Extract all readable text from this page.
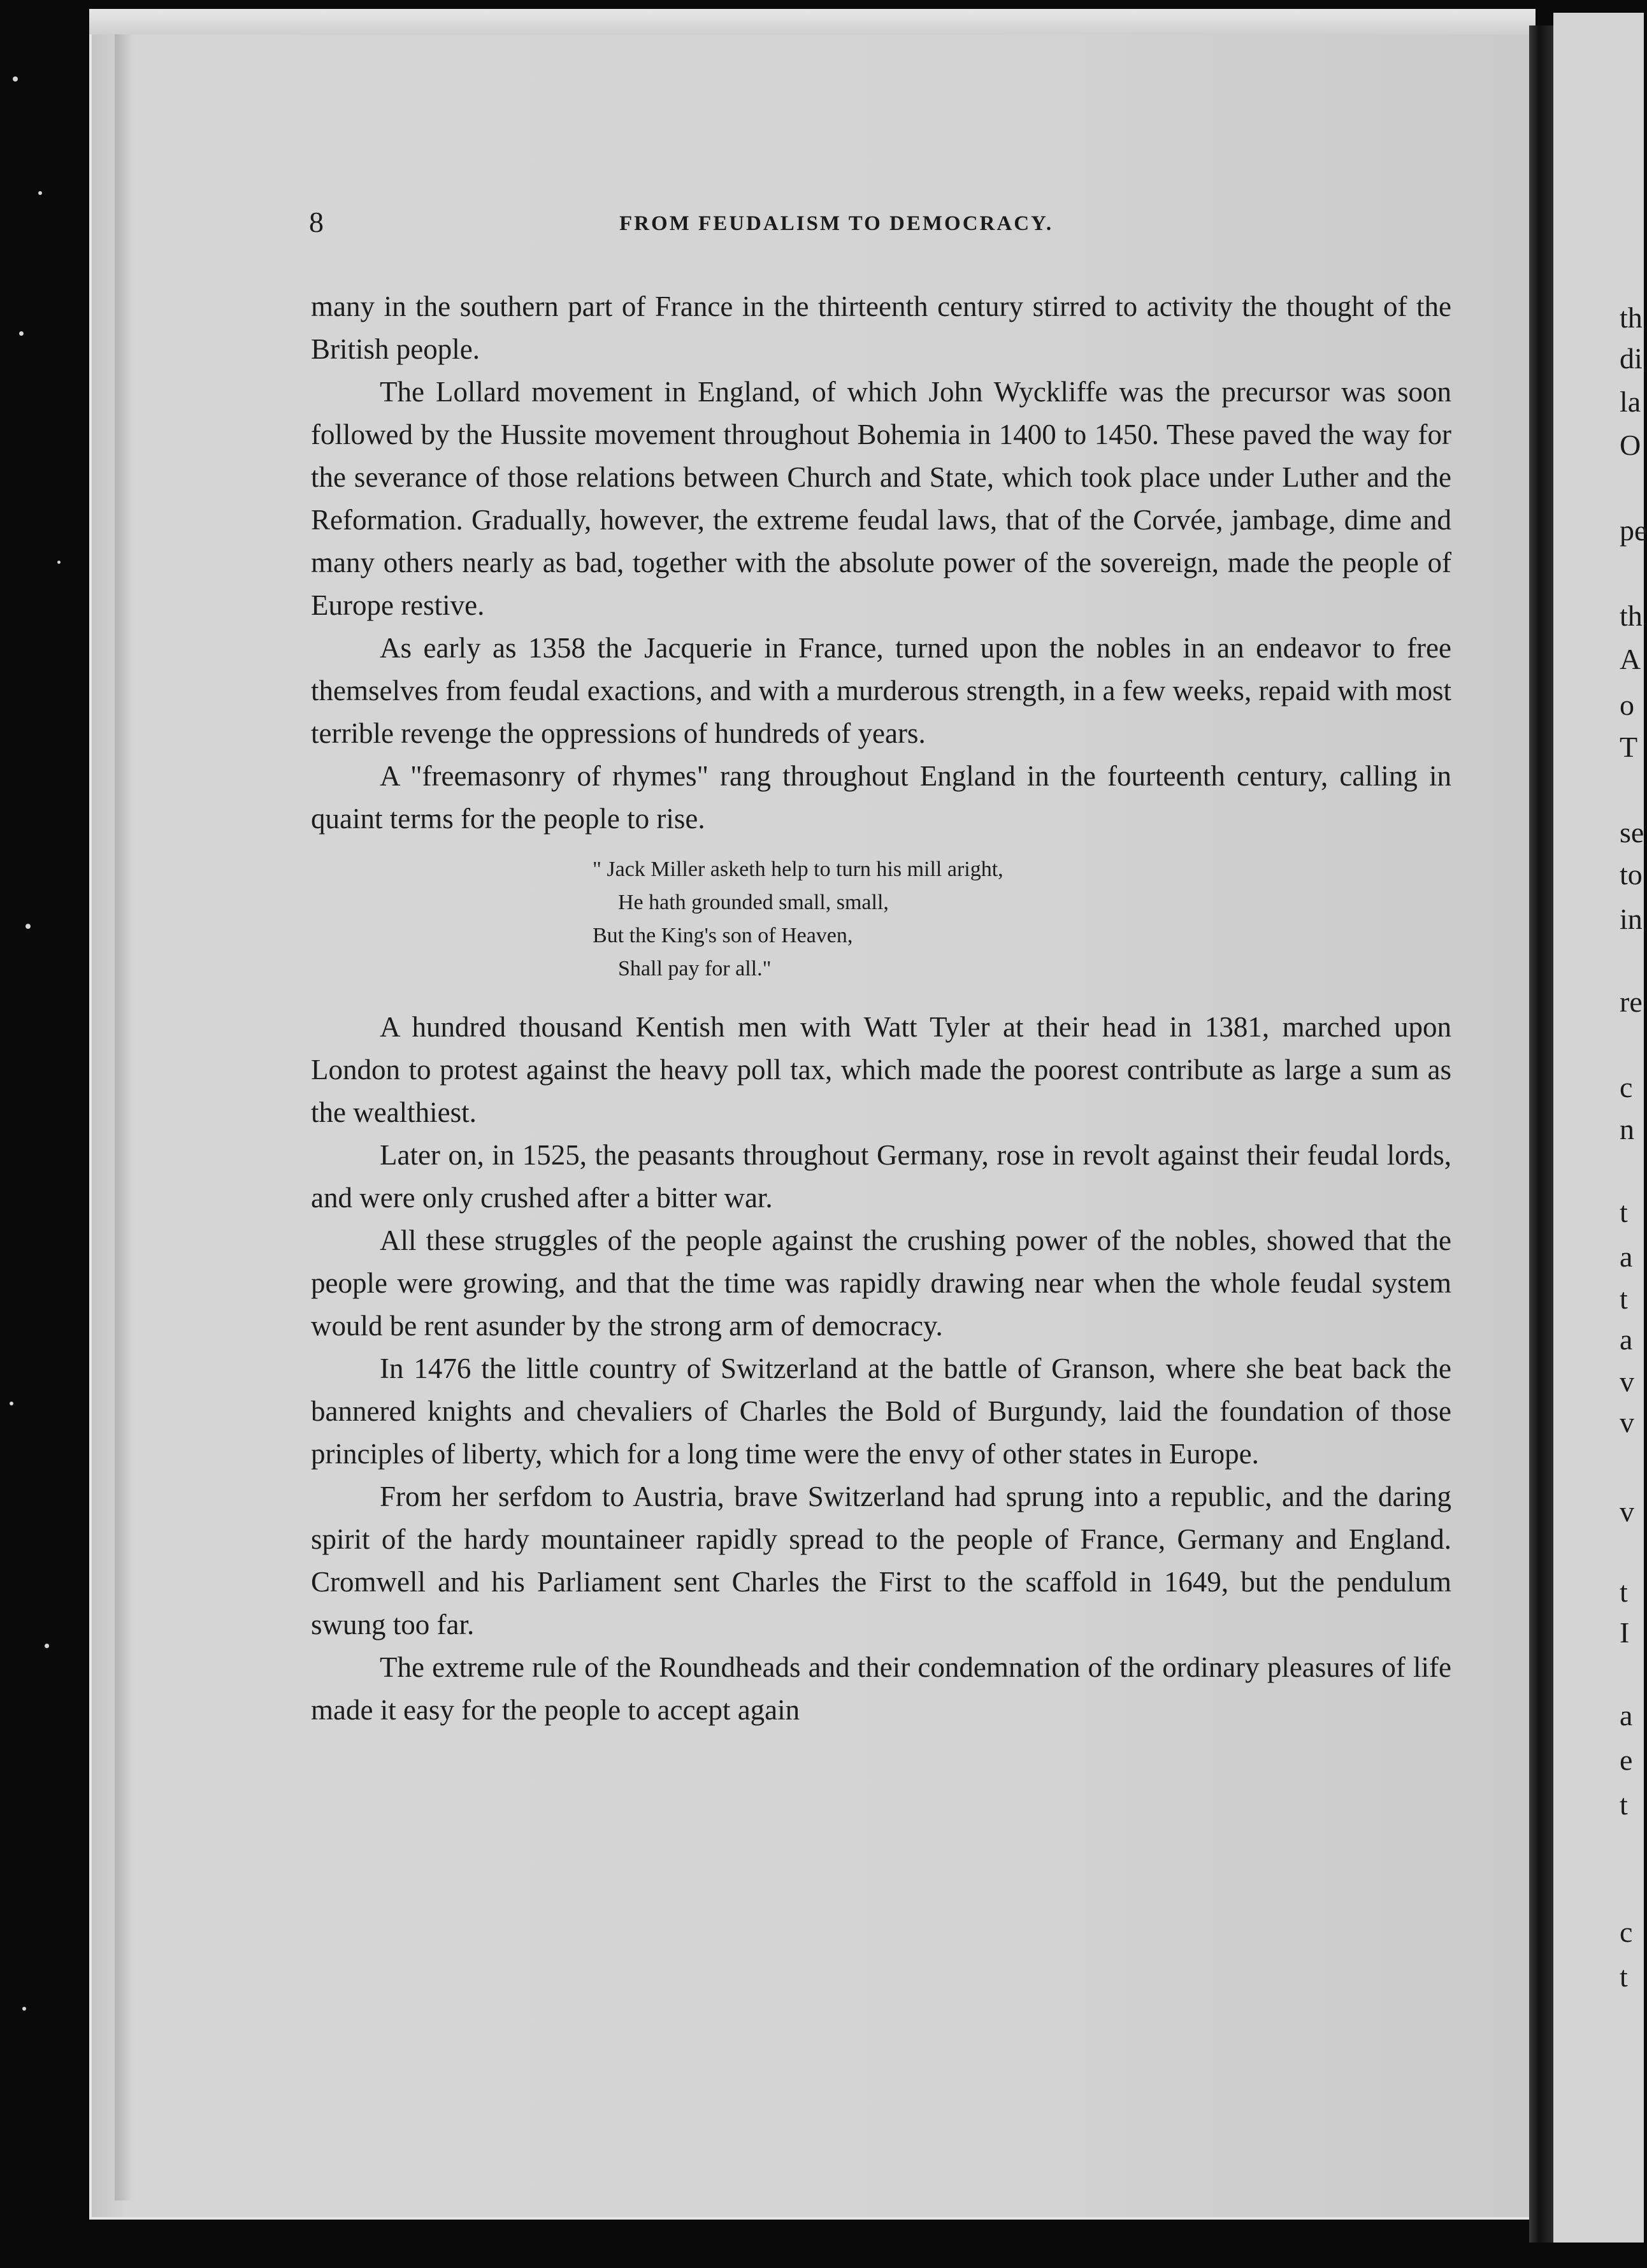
th
di
la
O
pe
th
A
o
T
se
to
in
re
c
n
t
a
t
a
v
v
v
t
I
a
e
t
c
t
8	FROM FEUDALISM TO DEMOCRACY.

many in the southern part of France in the thirteenth century stirred to activity the thought of the British people.

The Lollard movement in England, of which John Wyckliffe was the precursor was soon followed by the Hussite movement throughout Bohemia in 1400 to 1450. These paved the way for the severance of those relations between Church and State, which took place under Luther and the Reformation. Gradually, however, the extreme feudal laws, that of the Corvée, jambage, dime and many others nearly as bad, together with the absolute power of the sovereign, made the people of Europe restive.

As early as 1358 the Jacquerie in France, turned upon the nobles in an endeavor to free themselves from feudal exactions, and with a murderous strength, in a few weeks, repaid with most terrible revenge the oppressions of hundreds of years.

A "freemasonry of rhymes" rang throughout England in the fourteenth century, calling in quaint terms for the people to rise.

" Jack Miller asketh help to turn his mill aright,
He hath grounded small, small,
But the King's son of Heaven,
Shall pay for all."

A hundred thousand Kentish men with Watt Tyler at their head in 1381, marched upon London to protest against the heavy poll tax, which made the poorest contribute as large a sum as the wealthiest.

Later on, in 1525, the peasants throughout Germany, rose in revolt against their feudal lords, and were only crushed after a bitter war.

All these struggles of the people against the crushing power of the nobles, showed that the people were growing, and that the time was rapidly drawing near when the whole feudal system would be rent asunder by the strong arm of democracy.

In 1476 the little country of Switzerland at the battle of Granson, where she beat back the bannered knights and chevaliers of Charles the Bold of Burgundy, laid the foundation of those principles of liberty, which for a long time were the envy of other states in Europe.

From her serfdom to Austria, brave Switzerland had sprung into a republic, and the daring spirit of the hardy mountaineer rapidly spread to the people of France, Germany and England. Cromwell and his Parliament sent Charles the First to the scaffold in 1649, but the pendulum swung too far.

The extreme rule of the Roundheads and their condemnation of the ordinary pleasures of life made it easy for the people to accept again
